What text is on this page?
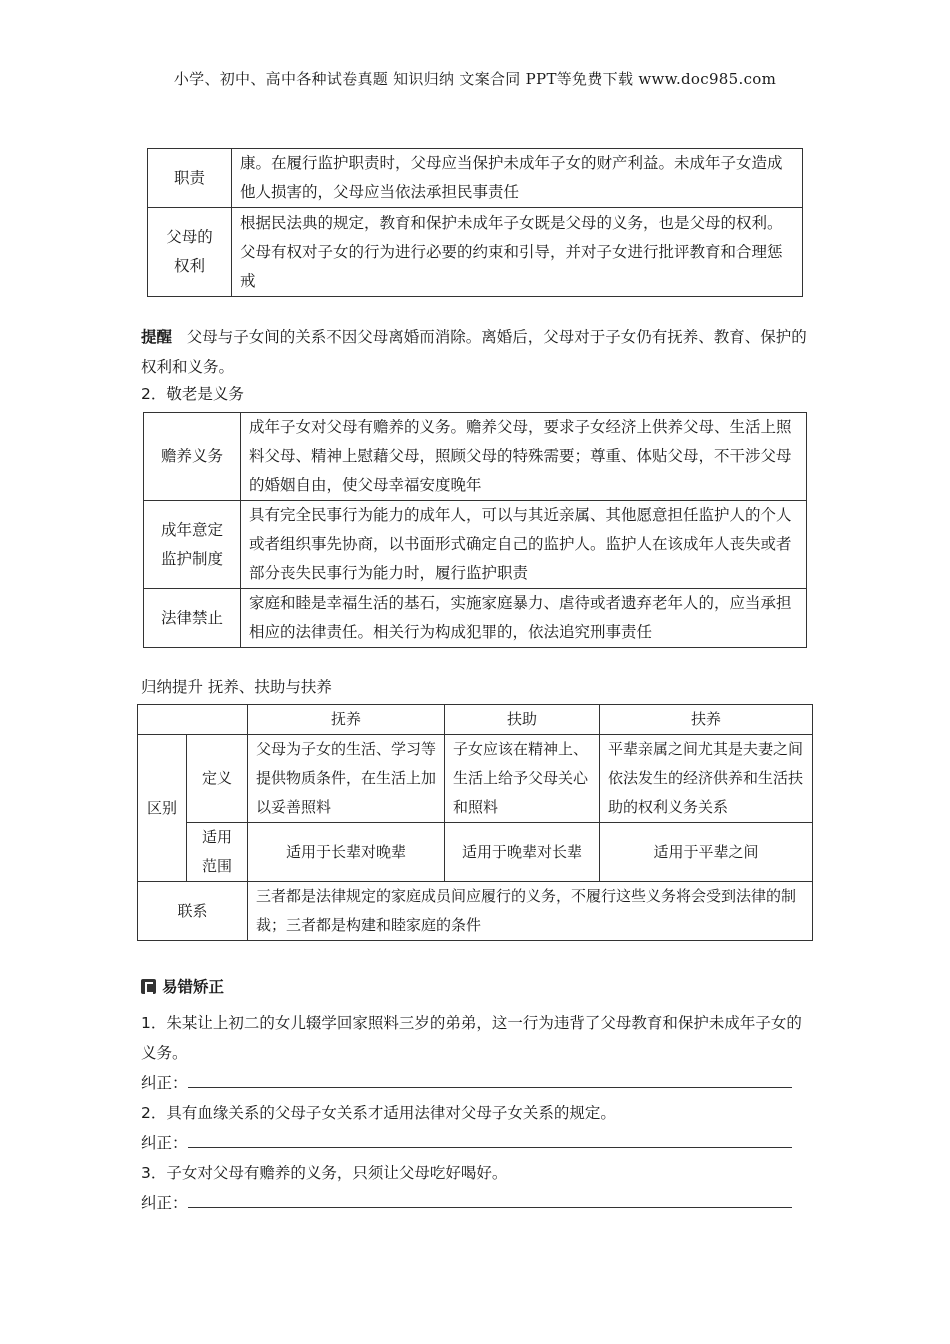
小学、初中、高中各种试卷真题 知识归纳 文案合同 PPT等免费下载 www.doc985.com
职责	康。在履行监护职责时，父母应当保护未成年子女的财产利益。未成年子女造成他人损害的，父母应当依法承担民事责任
父母的权利	根据民法典的规定，教育和保护未成年子女既是父母的义务，也是父母的权利。父母有权对子女的行为进行必要的约束和引导，并对子女进行批评教育和合理惩戒
提醒 父母与子女间的关系不因父母离婚而消除。离婚后，父母对于子女仍有抚养、教育、保护的权利和义务。
2．敬老是义务
赡养义务	成年子女对父母有赡养的义务。赡养父母，要求子女经济上供养父母、生活上照料父母、精神上慰藉父母，照顾父母的特殊需要；尊重、体贴父母，不干涉父母的婚姻自由，使父母幸福安度晚年
成年意定监护制度	具有完全民事行为能力的成年人，可以与其近亲属、其他愿意担任监护人的个人或者组织事先协商，以书面形式确定自己的监护人。监护人在该成年人丧失或者部分丧失民事行为能力时，履行监护职责
法律禁止	家庭和睦是幸福生活的基石，实施家庭暴力、虐待或者遗弃老年人的，应当承担相应的法律责任。相关行为构成犯罪的，依法追究刑事责任
归纳提升 抚养、扶助与扶养
		抚养	扶助	扶养
区别	定义	父母为子女的生活、学习等提供物质条件，在生活上加以妥善照料	子女应该在精神上、生活上给予父母关心和照料	平辈亲属之间尤其是夫妻之间依法发生的经济供养和生活扶助的权利义务关系
	适用范围	适用于长辈对晚辈	适用于晚辈对长辈	适用于平辈之间
联系		三者都是法律规定的家庭成员间应履行的义务，不履行这些义务将会受到法律的制裁；三者都是构建和睦家庭的条件		
易错矫正
1．朱某让上初二的女儿辍学回家照料三岁的弟弟，这一行为违背了父母教育和保护未成年子女的义务。
纠正：
2．具有血缘关系的父母子女关系才适用法律对父母子女关系的规定。
纠正：
3．子女对父母有赡养的义务，只须让父母吃好喝好。
纠正：
